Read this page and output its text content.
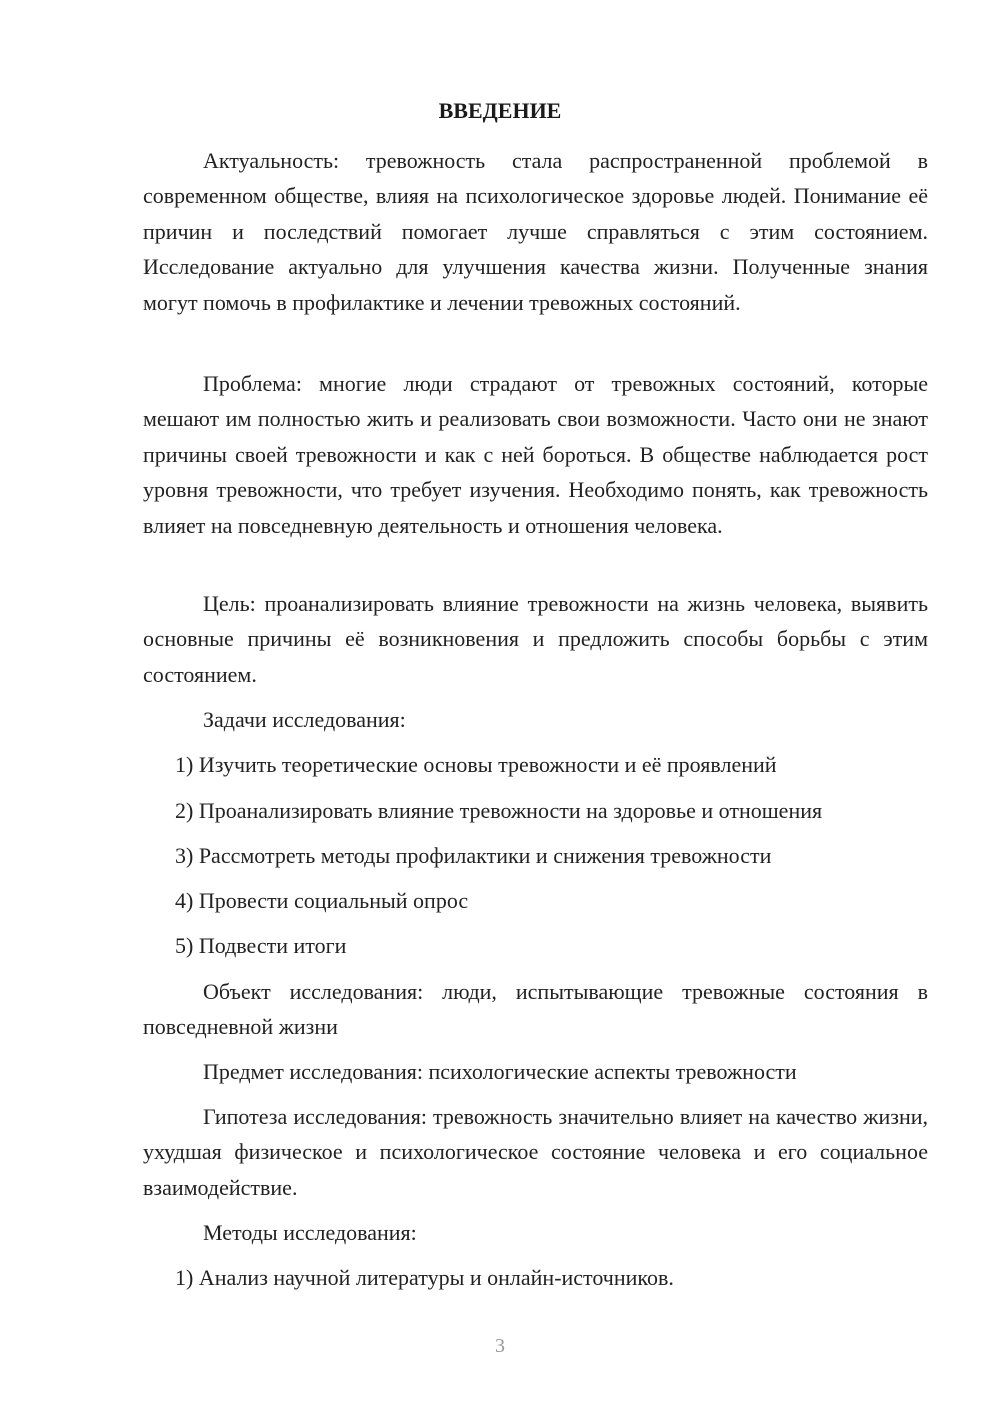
ВВЕДЕНИЕ

Актуальность: тревожность стала распространенной проблемой в современном обществе, влияя на психологическое здоровье людей. Понимание её причин и последствий помогает лучше справляться с этим состоянием. Исследование актуально для улучшения качества жизни. Полученные знания могут помочь в профилактике и лечении тревожных состояний.

Проблема: многие люди страдают от тревожных состояний, которые мешают им полностью жить и реализовать свои возможности. Часто они не знают причины своей тревожности и как с ней бороться. В обществе наблюдается рост уровня тревожности, что требует изучения. Необходимо понять, как тревожность влияет на повседневную деятельность и отношения человека.

Цель: проанализировать влияние тревожности на жизнь человека, выявить основные причины её возникновения и предложить способы борьбы с этим состоянием.

Задачи исследования:
1) Изучить теоретические основы тревожности и её проявлений
2) Проанализировать влияние тревожности на здоровье и отношения
3) Рассмотреть методы профилактики и снижения тревожности
4) Провести социальный опрос
5) Подвести итоги

Объект исследования: люди, испытывающие тревожные состояния в повседневной жизни

Предмет исследования: психологические аспекты тревожности

Гипотеза исследования: тревожность значительно влияет на качество жизни, ухудшая физическое и психологическое состояние человека и его социальное взаимодействие.

Методы исследования:
1) Анализ научной литературы и онлайн-источников.
3
